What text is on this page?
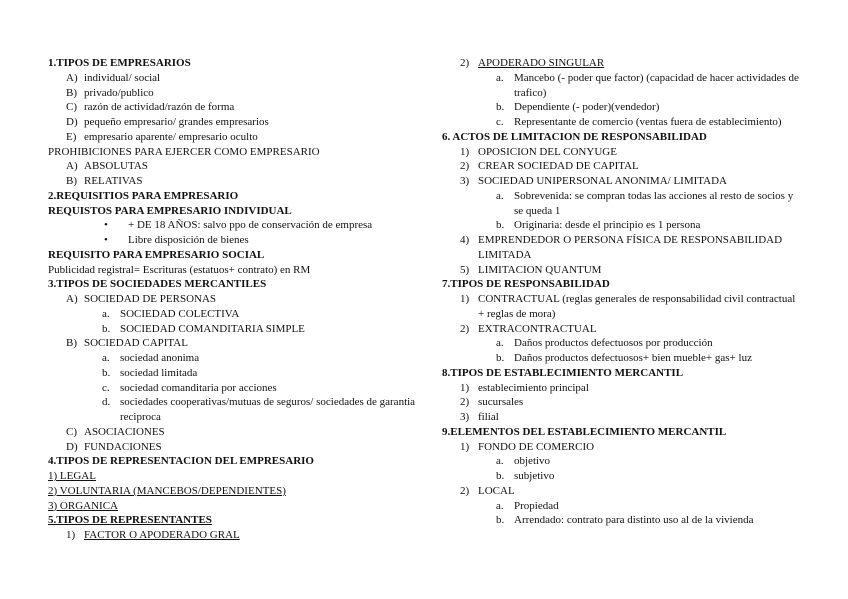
1.TIPOS DE EMPRESARIOS
A) individual/ social
B) privado/publico
C) razón de actividad/razón de forma
D) pequeño empresario/ grandes empresarios
E) empresario aparente/ empresario oculto
PROHIBICIONES PARA EJERCER COMO EMPRESARIO
A) ABSOLUTAS
B) RELATIVAS
2.REQUISITIOS PARA EMPRESARIO
REQUISTOS PARA EMPRESARIO INDIVIDUAL
• + DE 18 AÑOS: salvo ppo de conservación de empresa
• Libre disposición de bienes
REQUISITO PARA EMPRESARIO SOCIAL
Publicidad registral= Escrituras (estatuos+ contrato) en RM
3.TIPOS DE SOCIEDADES MERCANTILES
A) SOCIEDAD DE PERSONAS
a. SOCIEDAD COLECTIVA
b. SOCIEDAD COMANDITARIA SIMPLE
B) SOCIEDAD CAPITAL
a. sociedad anonima
b. sociedad limitada
c. sociedad comanditaria por acciones
d. sociedades cooperativas/mutuas de seguros/ sociedades de garantia reciproca
C) ASOCIACIONES
D) FUNDACIONES
4.TIPOS DE REPRESENTACION DEL EMPRESARIO
1) LEGAL
2) VOLUNTARIA (MANCEBOS/DEPENDIENTES)
3) ORGANICA
5.TIPOS DE REPRESENTANTES
1) FACTOR O APODERADO GRAL
2) APODERADO SINGULAR
a. Mancebo (- poder que factor) (capacidad de hacer actividades de trafico)
b. Dependiente (- poder)(vendedor)
c. Representante de comercio (ventas fuera de establecimiento)
6. ACTOS DE LIMITACION DE RESPONSABILIDAD
1) OPOSICION DEL CONYUGE
2) CREAR SOCIEDAD DE CAPITAL
3) SOCIEDAD UNIPERSONAL ANONIMA/ LIMITADA
a. Sobrevenida: se compran todas las acciones al resto de socios y se queda 1
b. Originaria: desde el principio es 1 persona
4) EMPRENDEDOR O PERSONA FÍSICA DE RESPONSABILIDAD LIMITADA
5) LIMITACION QUANTUM
7.TIPOS DE RESPONSABILIDAD
1) CONTRACTUAL (reglas generales de responsabilidad civil contractual + reglas de mora)
2) EXTRACONTRACTUAL
a. Daños productos defectuosos por producción
b. Daños productos defectuosos+ bien mueble+ gas+ luz
8.TIPOS DE ESTABLECIMIENTO MERCANTIL
1) establecimiento principal
2) sucursales
3) filial
9.ELEMENTOS DEL ESTABLECIMIENTO MERCANTIL
1) FONDO DE COMERCIO
a. objetivo
b. subjetivo
2) LOCAL
a. Propiedad
b. Arrendado: contrato para distinto uso al de la vivienda
